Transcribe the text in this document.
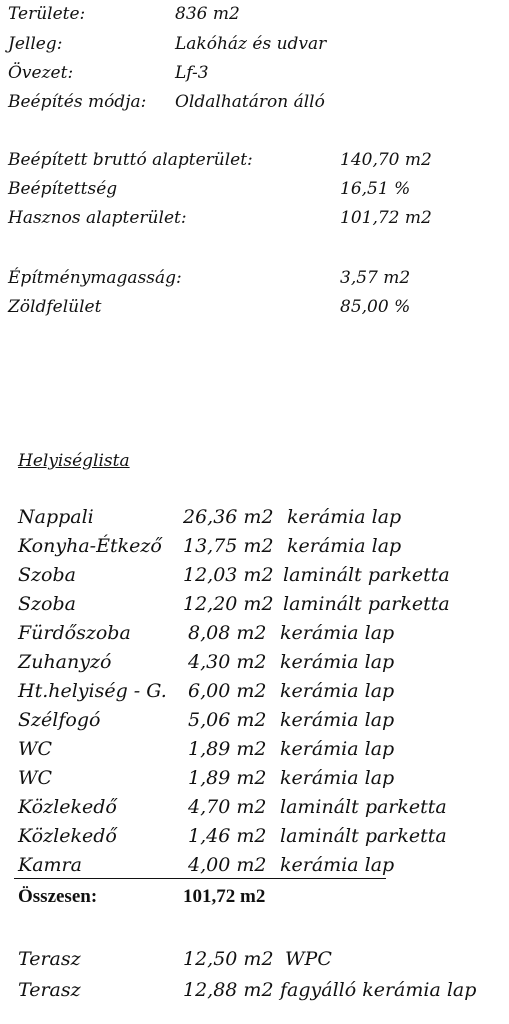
Területe:	836 m2
Jelleg:	Lakóház és udvar
Övezet:	Lf-3
Beépítés módja: Oldalhatáron álló
Beépített bruttó alapterület:	140,70 m2
Beépítettség	16,51 %
Hasznos alapterület:	101,72 m2
Építménymagasság:	3,57 m2
Zöldfelület	85,00 %
Helyiséglista
Nappali	26,36 m2 kerámia lap
Konyha-Étkező 13,75 m2 kerámia lap
Szoba	12,03 m2 laminált parketta
Szoba	12,20 m2 laminált parketta
Fürdőszoba	8,08 m2 kerámia lap
Zuhanyzó	4,30 m2 kerámia lap
Ht.helyiség - G. 6,00 m2 kerámia lap
Szélfogó	5,06 m2 kerámia lap
WC	1,89 m2 kerámia lap
WC	1,89 m2 kerámia lap
Közlekedő	4,70 m2 laminált parketta
Közlekedő	1,46 m2 laminált parketta
Kamra	4,00 m2 kerámia lap
Összesen:	101,72 m2
Terasz	12,50 m2 WPC
Terasz	12,88 m2 fagyálló kerámia lap
